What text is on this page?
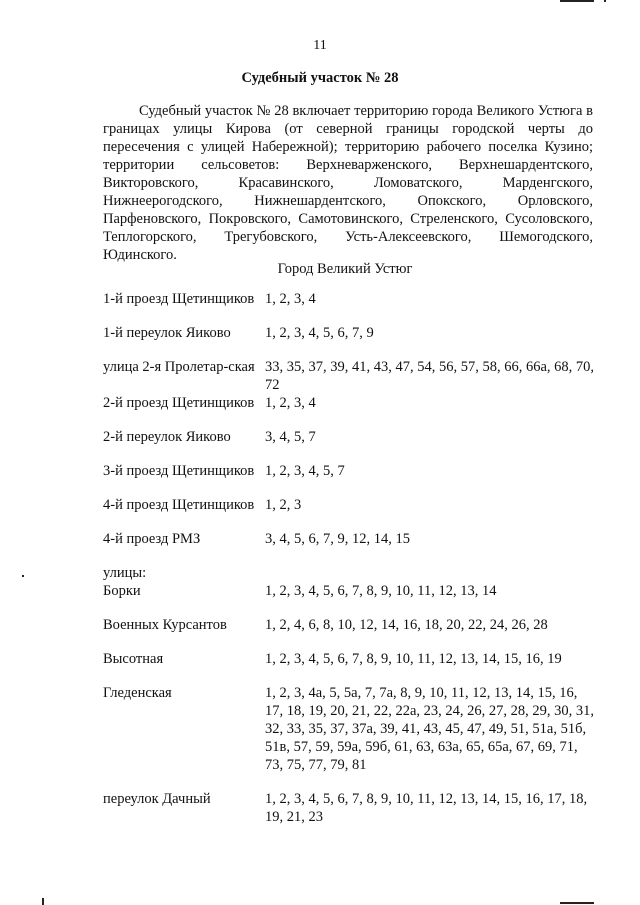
11
Судебный участок № 28

Судебный участок № 28 включает территорию города Великого Устюга в границах улицы Кирова (от северной границы городской черты до пересечения с улицей Набережной); территорию рабочего поселка Кузино; территории сельсоветов: Верхневарженского, Верхнешардентского, Викторовского, Красавинского, Ломоватского, Марденгского, Нижнеерогодского, Нижнешардентского, Опокского, Орловского, Парфеновского, Покровского, Самотовинского, Стреленского, Сусоловского, Теплогорского, Трегубовского, Усть-Алексеевского, Шемогодского, Юдинского.

Город Великий Устюг
1-й проезд Щетинщиков 1, 2, 3, 4
1-й переулок Яиково	1, 2, 3, 4, 5, 6, 7, 9
улица 2-я Пролетар-ская 33, 35, 37, 39, 41, 43, 47, 54, 56, 57, 58, 66, 66а, 68, 70, 72
2-й проезд Щетинщиков 1, 2, 3, 4
2-й переулок Яиково	3, 4, 5, 7
3-й проезд Щетинщиков 1, 2, 3, 4, 5, 7
4-й проезд Щетинщиков 1, 2, 3
4-й проезд РМЗ	3, 4, 5, 6, 7, 9, 12, 14, 15
улицы:
Борки	1, 2, 3, 4, 5, 6, 7, 8, 9, 10, 11, 12, 13, 14
Военных Курсантов	1, 2, 4, 6, 8, 10, 12, 14, 16, 18, 20, 22, 24, 26, 28
Высотная	1, 2, 3, 4, 5, 6, 7, 8, 9, 10, 11, 12, 13, 14, 15, 16, 19
Гледенская	1, 2, 3, 4а, 5, 5а, 7, 7а, 8, 9, 10, 11, 12, 13, 14, 15, 16, 17, 18, 19, 20, 21, 22, 22а, 23, 24, 26, 27, 28, 29, 30, 31, 32, 33, 35, 37, 37а, 39, 41, 43, 45, 47, 49, 51, 51а, 51б, 51в, 57, 59, 59а, 59б, 61, 63, 63а, 65, 65а, 67, 69, 71, 73, 75, 77, 79, 81
переулок Дачный	1, 2, 3, 4, 5, 6, 7, 8, 9, 10, 11, 12, 13, 14, 15, 16, 17, 18, 19, 21, 23
